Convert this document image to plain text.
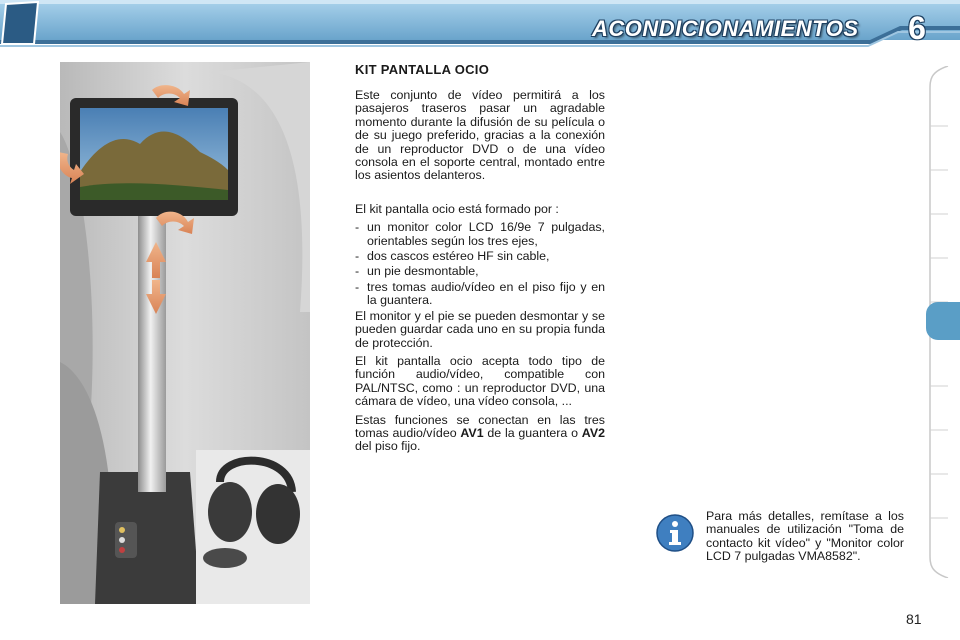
ACONDICIONAMIENTOS 6
KIT PANTALLA OCIO

Este conjunto de vídeo permitirá a los pasajeros traseros pasar un agradable momento durante la difusión de su película o de su juego preferido, gracias a la conexión de un reproductor DVD o de una vídeo consola en el soporte central, montado entre los asientos delanteros.

El kit pantalla ocio está formado por :

- un monitor color LCD 16/9e 7 pulgadas, orientables según los tres ejes,
- dos cascos estéreo HF sin cable,
- un pie desmontable,
- tres tomas audio/vídeo en el piso fijo y en la guantera.

El monitor y el pie se pueden desmontar y se pueden guardar cada uno en su propia funda de protección.

El kit pantalla ocio acepta todo tipo de función audio/vídeo, compatible con PAL/NTSC, como : un reproductor DVD, una cámara de vídeo, una vídeo consola, ...

Estas funciones se conectan en las tres tomas audio/vídeo AV1 de la guantera o AV2 del piso fijo.

Para más detalles, remítase a los manuales de utilización "Toma de contacto kit vídeo" y "Monitor color LCD 7 pulgadas VMA8582".
81
